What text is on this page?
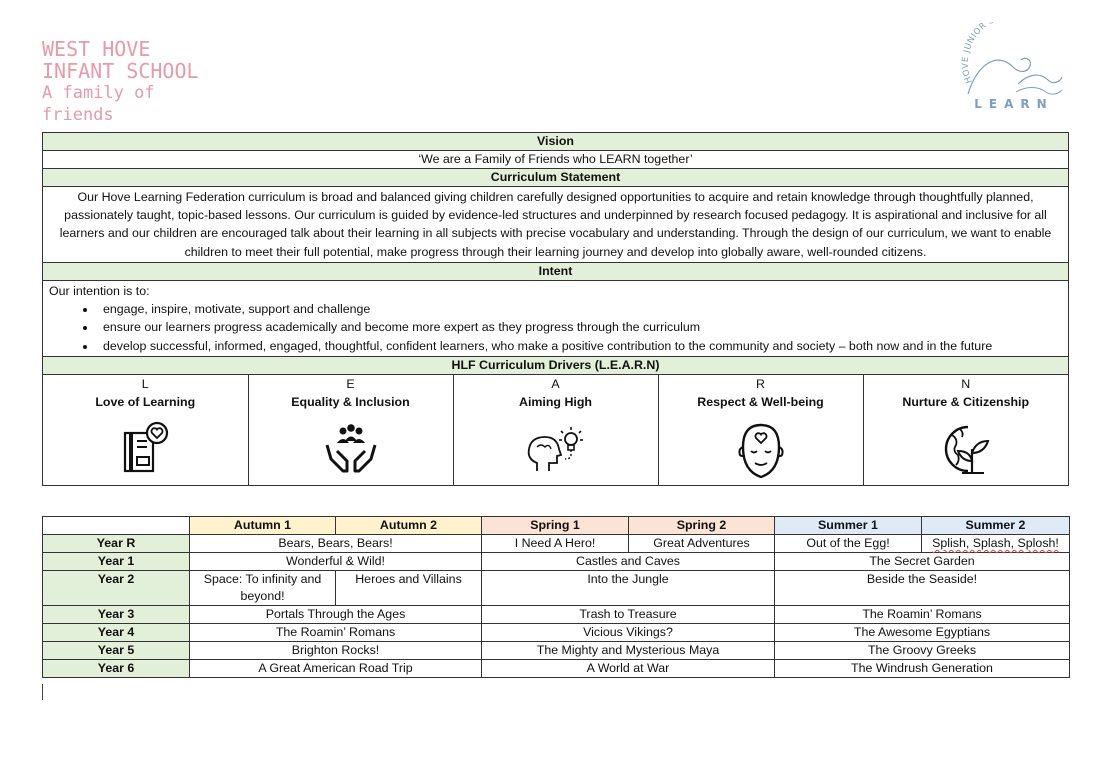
WEST HOVE
INFANT SCHOOL
A family of friends
HOVE JUNIOR
LEARN
Vision
‘We are a Family of Friends who LEARN together’
Curriculum Statement
Our Hove Learning Federation curriculum is broad and balanced giving children carefully designed opportunities to acquire and retain knowledge through thoughtfully planned, passionately taught, topic-based lessons. Our curriculum is guided by evidence-led structures and underpinned by research focused pedagogy. It is aspirational and inclusive for all learners and our children are encouraged talk about their learning in all subjects with precise vocabulary and understanding. Through the design of our curriculum, we want to enable children to meet their full potential, make progress through their learning journey and develop into globally aware, well-rounded citizens.
Intent

Our intention is to:
• engage, inspire, motivate, support and challenge
• ensure our learners progress academically and become more expert as they progress through the curriculum
• develop successful, informed, engaged, thoughtful, confident learners, who make a positive contribution to the community and society – both now and in the future

HLF Curriculum Drivers (L.E.A.R.N)

L
Love of Learning

E
Equality & Inclusion

A
Aiming High

R
Respect & Well-being

N
Nurture & Citizenship
	Autumn 1	Autumn 2	Spring 1	Spring 2	Summer 1	Summer 2
Year R	Bears, Bears, Bears!		I Need A Hero!	Great Adventures	Out of the Egg!	Splish, Splash, Splosh!
Year 1	Wonderful & Wild!		Castles and Caves		The Secret Garden	
Year 2	Space: To infinity and beyond!	Heroes and Villains	Into the Jungle		Beside the Seaside!	
Year 3	Portals Through the Ages		Trash to Treasure		The Roamin’ Romans	
Year 4	The Roamin’ Romans		Vicious Vikings?		The Awesome Egyptians	
Year 5	Brighton Rocks!		The Mighty and Mysterious Maya		The Groovy Greeks	
Year 6	A Great American Road Trip		A World at War		The Windrush Generation	
